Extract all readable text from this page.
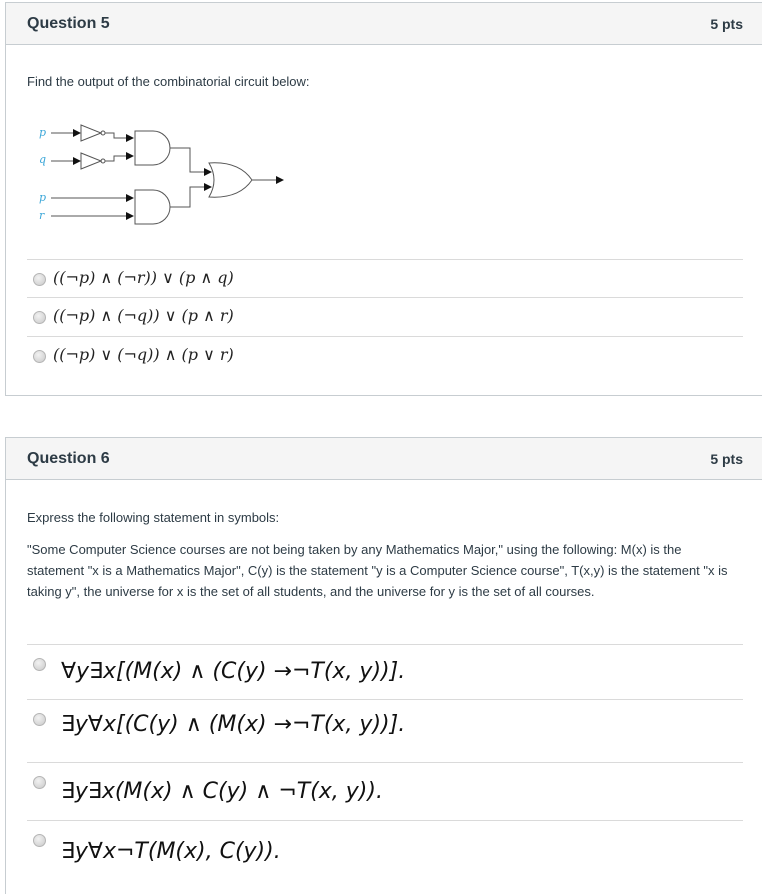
Question 5	5 pts
Find the output of the combinatorial circuit below:
p
q
p
r
((¬p) ∧ (¬r)) ∨ (p ∧ q)
((¬p) ∧ (¬q)) ∨ (p ∧ r)
((¬p) ∨ (¬q)) ∧ (p ∨ r)
Question 6	5 pts
Express the following statement in symbols:
"Some Computer Science courses are not being taken by any Mathematics Major," using the following: M(x) is the statement "x is a Mathematics Major", C(y) is the statement "y is a Computer Science course", T(x,y) is the statement "x is taking y", the universe for x is the set of all students, and the universe for y is the set of all courses.
∀y∃x[(M(x) ∧ (C(y) →¬T(x, y))].
∃y∀x[(C(y) ∧ (M(x) →¬T(x, y))].
∃y∃x(M(x) ∧ C(y) ∧ ¬T(x, y)).
∃y∀x¬T(M(x), C(y)).
